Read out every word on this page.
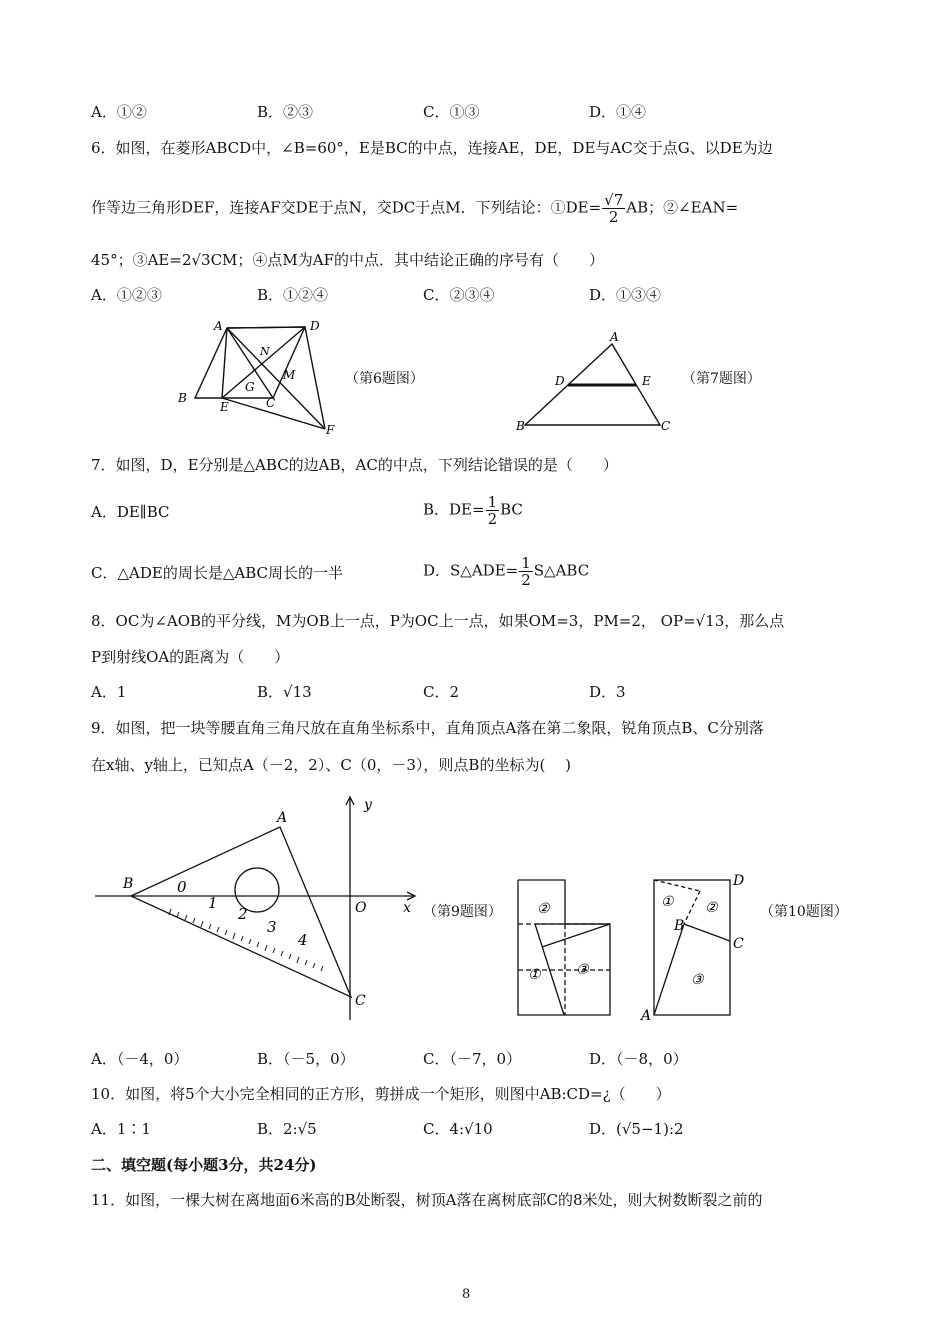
A．①②	B．②③	C．①③	D．①④
6．如图，在菱形ABCD中，∠B=60°，E是BC的中点，连接AE，DE，DE与AC交于点G、以DE为边
作等边三角形DEF，连接AF交DE于点N，交DC于点M．下列结论：①DE= $\frac{√7}{2}$ AB；②∠EAN=
45°；③AE=2√3CM；④点M为AF的中点．其中结论正确的序号有（　　）
A．①②③	B．①②④	C．②③④	D．①③④
A	D
N
M
G
B
E	C
F
（第6题图）
A
D	E
B	C
（第7题图）
7．如图，D，E分别是△ABC的边AB，AC的中点，下列结论错误的是（　　）
A．DE∥BC	B．$DE= \frac{1}{2}$ BC
C．△ADE的周长是△ABC周长的一半	D．S△ADE= $\frac{1}{2}$ S△ABC
8．OC为∠AOB的平分线，M为OB上一点，P为OC上一点，如果OM=3，PM=2， OP=√13，那么点
P到射线OA的距离为（　　）
A．1	B．√13	C．2	D．3
9．如图，把一块等腰直角三角尺放在直角坐标系中，直角顶点A落在第二象限，锐角顶点B、C分别落
在x轴、y轴上，已知点A（－2，2）、C（0，－3），则点B的坐标为(　 )
0
1
2
3
4
y
A
B
O	x
C
（第9题图）	②
①	③
D
① ②
B
C
③
A
（第10题图）
A．（－4，0）	B．（－5，0）	C．（－7，0）	D．（－8，0）
10．如图，将5个大小完全相同的正方形，剪拼成一个矩形，则图中AB:CD=¿（　　）
A．1∶1	B．2:√5	C．4:√10	D．(√5−1):2
二、填空题(每小题3分，共24分)
11．如图，一棵大树在离地面6米高的B处断裂，树顶A落在离树底部C的8米处，则大树数断裂之前的
8
